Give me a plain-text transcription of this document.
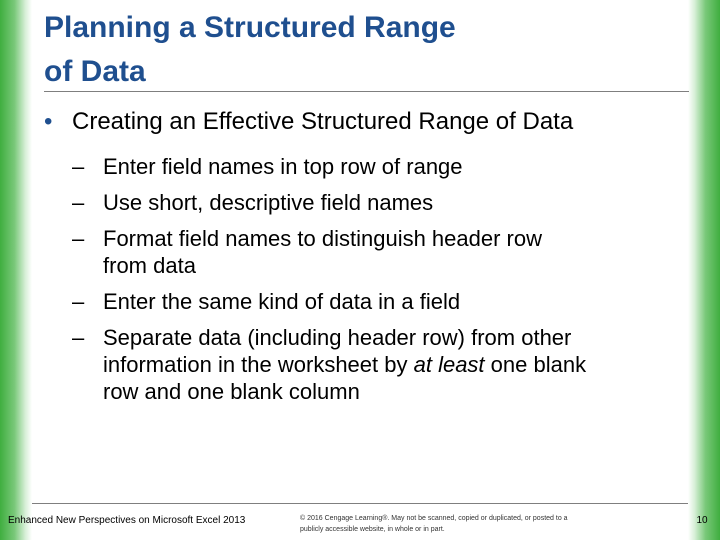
Planning a Structured Range
of Data
• Creating an Effective Structured Range of Data
– Enter field names in top row of range
– Use short, descriptive field names
– Format field names to distinguish header row
from data
– Enter the same kind of data in a field
– Separate data (including header row) from other
information in the worksheet by at least one blank
row and one blank column
Enhanced New Perspectives on Microsoft Excel 2013	© 2016 Cengage Learning®. May not be scanned, copied or duplicated, or posted to a
publicly accessible website, in whole or in part.
10
